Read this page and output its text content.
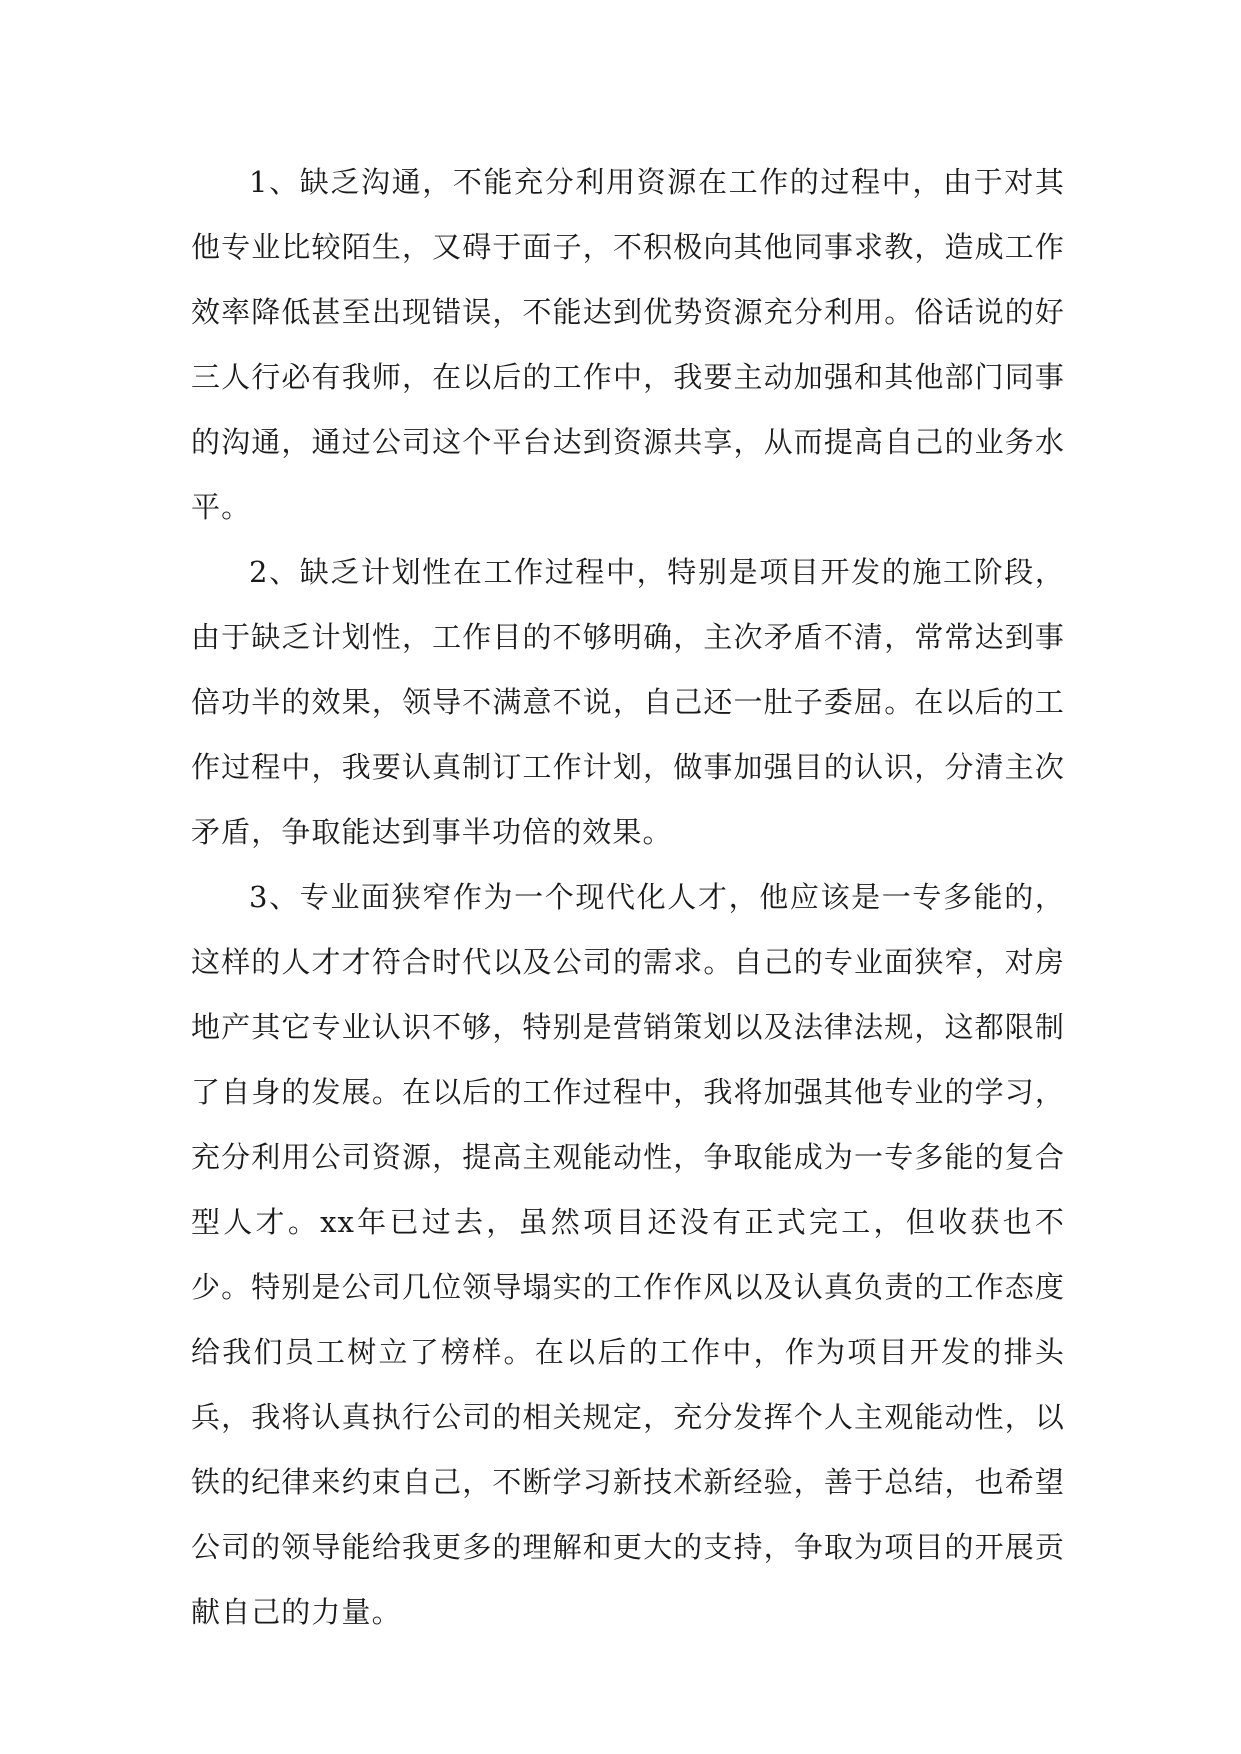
1、缺乏沟通，不能充分利用资源在工作的过程中，由于对其他专业比较陌生，又碍于面子，不积极向其他同事求教，造成工作效率降低甚至出现错误，不能达到优势资源充分利用。俗话说的好三人行必有我师，在以后的工作中，我要主动加强和其他部门同事的沟通，通过公司这个平台达到资源共享，从而提高自己的业务水平。

2、缺乏计划性在工作过程中，特别是项目开发的施工阶段，由于缺乏计划性，工作目的不够明确，主次矛盾不清，常常达到事倍功半的效果，领导不满意不说，自己还一肚子委屈。在以后的工作过程中，我要认真制订工作计划，做事加强目的认识，分清主次矛盾，争取能达到事半功倍的效果。

3、专业面狭窄作为一个现代化人才，他应该是一专多能的，这样的人才才符合时代以及公司的需求。自己的专业面狭窄，对房地产其它专业认识不够，特别是营销策划以及法律法规，这都限制了自身的发展。在以后的工作过程中，我将加强其他专业的学习，充分利用公司资源，提高主观能动性，争取能成为一专多能的复合型人才。xx年已过去，虽然项目还没有正式完工，但收获也不少。特别是公司几位领导塌实的工作作风以及认真负责的工作态度给我们员工树立了榜样。在以后的工作中，作为项目开发的排头兵，我将认真执行公司的相关规定，充分发挥个人主观能动性，以铁的纪律来约束自己，不断学习新技术新经验，善于总结，也希望公司的领导能给我更多的理解和更大的支持，争取为项目的开展贡献自己的力量。
